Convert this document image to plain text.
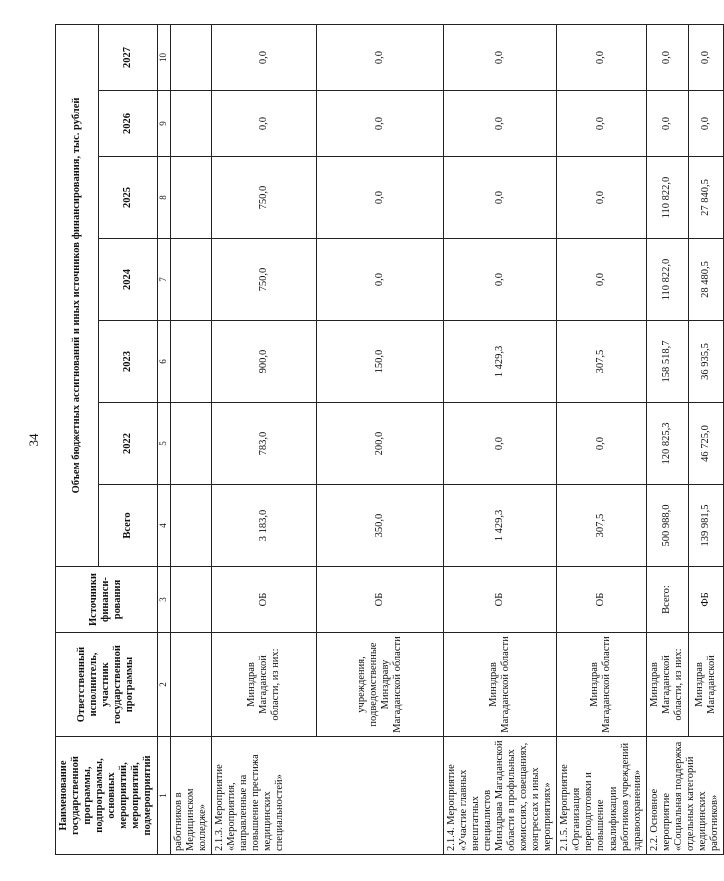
34
Наименование государственной программы, подпрограммы, основных мероприятий, мероприятий, подмероприятий	Ответственный исполнитель, участник государственной программы	Источники финанси-рования	Объем бюджетных ассигнований и иных источников финансирования, тыс. рублей						
			Всего	2022	2023	2024	2025	2026	2027
1	2	3	4	5	6	7	8	9	10
работников в Медицинском колледже»									
2.1.3. Мероприятие «Мероприятия, направленные на повышение престижа медицинских специальностей»	Минздрав Магаданской области, из них:	ОБ	3 183,0	783,0	900,0	750,0	750,0	0,0	0,0
	учреждения, подведомственные Минздраву Магаданской области	ОБ	350,0	200,0	150,0	0,0	0,0	0,0	0,0
2.1.4. Мероприятие «Участие главных внештатных специалистов Минздрава Магаданской области в профильных комиссиях, совещаниях, конгрессах и иных мероприятиях»	Минздрав Магаданской области	ОБ	1 429,3	0,0	1 429,3	0,0	0,0	0,0	0,0
2.1.5. Мероприятие «Организация переподготовки и повышение квалификации работников учреждений здравоохранения»	Минздрав Магаданской области	ОБ	307,5	0,0	307,5	0,0	0,0	0,0	0,0
2.2. Основное мероприятие «Социальная поддержка отдельных категорий медицинских работников»	Минздрав Магаданской области, из них:	Всего:	500 988,0	120 825,3	158 518,7	110 822,0	110 822,0	0,0	0,0
	Минздрав Магаданской	ФБ	139 981,5	46 725,0	36 935,5	28 480,5	27 840,5	0,0	0,0
